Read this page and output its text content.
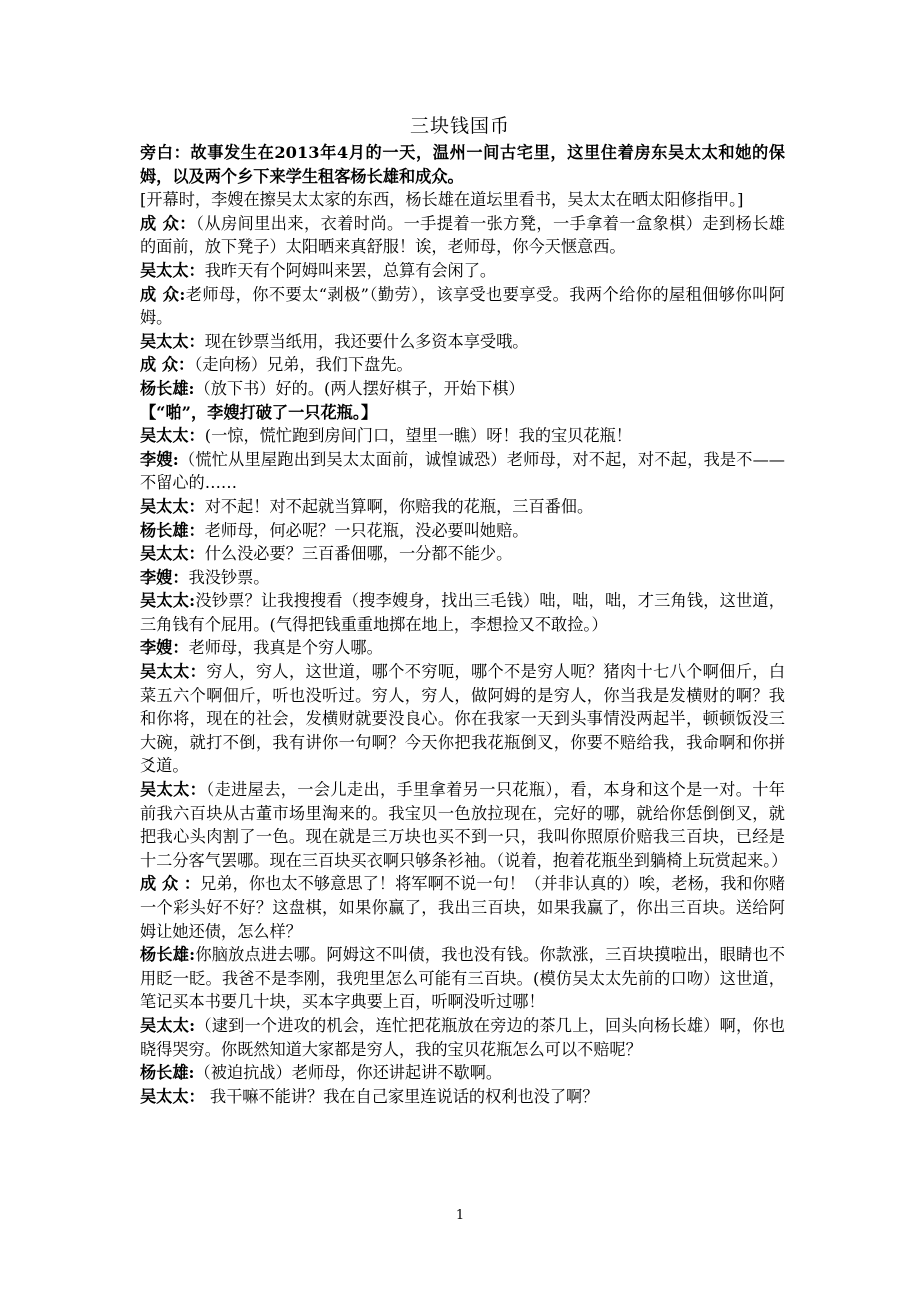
三块钱国币

旁白：故事发生在2013年4月的一天，温州一间古宅里，这里住着房东吴太太和她的保姆，以及两个乡下来学生租客杨长雄和成众。

[开幕时，李嫂在擦吴太太家的东西，杨长雄在道坛里看书，吴太太在晒太阳修指甲。]

成 众：（从房间里出来，衣着时尚。一手提着一张方凳，一手拿着一盒象棋）走到杨长雄的面前，放下凳子）太阳晒来真舒服！诶，老师母，你今天惬意西。

吴太太：我昨天有个阿姆叫来罢，总算有会闲了。

成 众:老师母，你不要太“剥极”（勤劳），该享受也要享受。我两个给你的屋租佃够你叫阿姆。

吴太太：现在钞票当纸用，我还要什么多资本享受哦。

成 众：（走向杨）兄弟，我们下盘先。

杨长雄:（放下书）好的。(两人摆好棋子，开始下棋）

【“啪”，李嫂打破了一只花瓶。】

吴太太：(一惊，慌忙跑到房间门口，望里一瞧）呀！我的宝贝花瓶！

李嫂:（慌忙从里屋跑出到吴太太面前，诚惶诚恐）老师母，对不起，对不起，我是不——不留心的……

吴太太：对不起！对不起就当算啊，你赔我的花瓶，三百番佃。

杨长雄：老师母，何必呢？一只花瓶，没必要叫她赔。

吴太太：什么没必要？三百番佃哪，一分都不能少。

李嫂：我没钞票。

吴太太:没钞票？让我搜搜看（搜李嫂身，找出三毛钱）咄，咄，咄，才三角钱，这世道，三角钱有个屁用。(气得把钱重重地掷在地上，李想捡又不敢捡。）

李嫂：老师母，我真是个穷人哪。

吴太太：穷人，穷人，这世道，哪个不穷呃，哪个不是穷人呃？猪肉十七八个啊佃斤，白菜五六个啊佃斤，听也没听过。穷人，穷人，做阿姆的是穷人，你当我是发横财的啊？我和你将，现在的社会，发横财就要没良心。你在我家一天到头事情没两起半，顿顿饭没三大碗，就打不倒，我有讲你一句啊？今天你把我花瓶倒叉，你要不赔给我，我命啊和你拼爻道。

吴太太：（走进屋去，一会儿走出，手里拿着另一只花瓶），看，本身和这个是一对。十年前我六百块从古董市场里淘来的。我宝贝一色放拉现在，完好的哪，就给你恁倒倒叉，就把我心头肉割了一色。现在就是三万块也买不到一只，我叫你照原价赔我三百块，已经是十二分客气罢哪。现在三百块买衣啊只够条衫袖。（说着，抱着花瓶坐到躺椅上玩赏起来。）

成 众 ：兄弟，你也太不够意思了！将军啊不说一句！（并非认真的）唉，老杨，我和你赌一个彩头好不好？这盘棋，如果你赢了，我出三百块，如果我赢了，你出三百块。送给阿姆让她还债，怎么样？

杨长雄:你脑放点进去哪。阿姆这不叫债，我也没有钱。你款涨，三百块摸啦出，眼睛也不用眨一眨。我爸不是李刚，我兜里怎么可能有三百块。(模仿吴太太先前的口吻）这世道，笔记买本书要几十块，买本字典要上百，听啊没听过哪！

吴太太:（逮到一个进攻的机会，连忙把花瓶放在旁边的茶几上，回头向杨长雄）啊，你也晓得哭穷。你既然知道大家都是穷人，我的宝贝花瓶怎么可以不赔呢？

杨长雄:（被迫抗战）老师母，你还讲起讲不歇啊。

吴太太： 我干嘛不能讲？我在自己家里连说话的权利也没了啊？

1
